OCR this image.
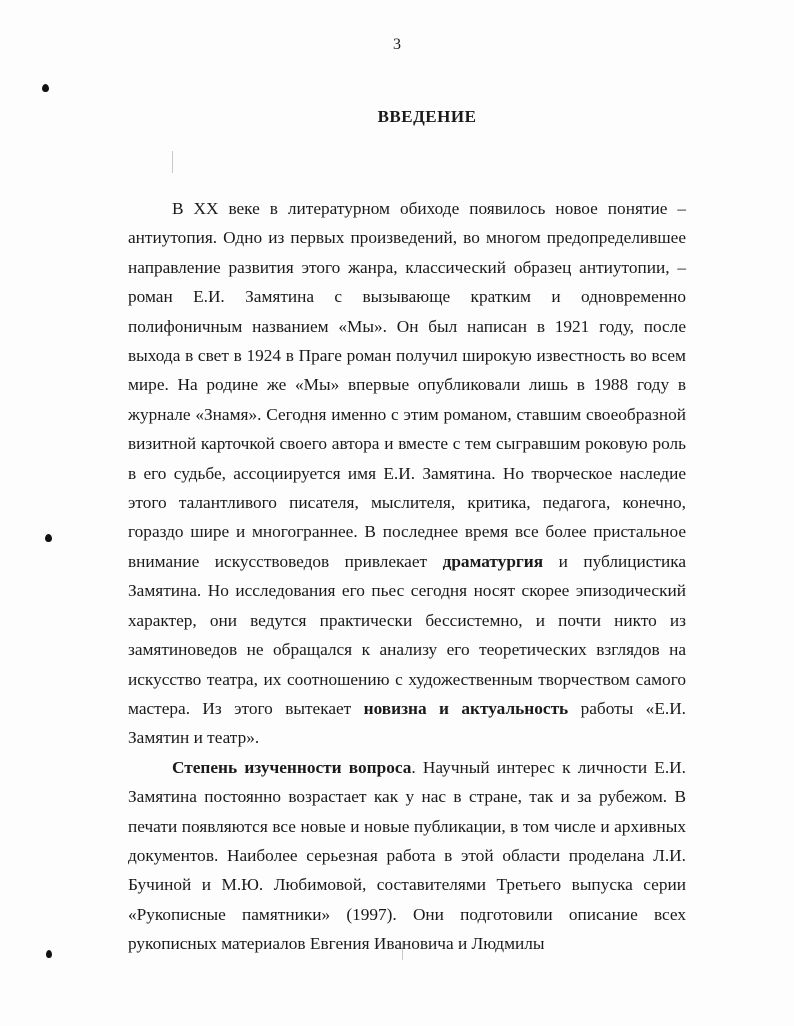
3
ВВЕДЕНИЕ

В XX веке в литературном обиходе появилось новое понятие – антиутопия. Одно из первых произведений, во многом предопределившее направление развития этого жанра, классический образец антиутопии, – роман Е.И. Замятина с вызывающе кратким и одновременно полифоничным названием «Мы». Он был написан в 1921 году, после выхода в свет в 1924 в Праге роман получил широкую известность во всем мире. На родине же «Мы» впервые опубликовали лишь в 1988 году в журнале «Знамя». Сегодня именно с этим романом, ставшим своеобразной визитной карточкой своего автора и вместе с тем сыгравшим роковую роль в его судьбе, ассоциируется имя Е.И. Замятина. Но творческое наследие этого талантливого писателя, мыслителя, критика, педагога, конечно, гораздо шире и многограннее. В последнее время все более пристальное внимание искусствоведов привлекает драматургия и публицистика Замятина. Но исследования его пьес сегодня носят скорее эпизодический характер, они ведутся практически бессистемно, и почти никто из замятиноведов не обращался к анализу его теоретических взглядов на искусство театра, их соотношению с художественным творчеством самого мастера. Из этого вытекает новизна и актуальность работы «Е.И. Замятин и театр».

Степень изученности вопроса. Научный интерес к личности Е.И. Замятина постоянно возрастает как у нас в стране, так и за рубежом. В печати появляются все новые и новые публикации, в том числе и архивных документов. Наиболее серьезная работа в этой области проделана Л.И. Бучиной и М.Ю. Любимовой, составителями Третьего выпуска серии «Рукописные памятники» (1997). Они подготовили описание всех рукописных материалов Евгения Ивановича и Людмилы
